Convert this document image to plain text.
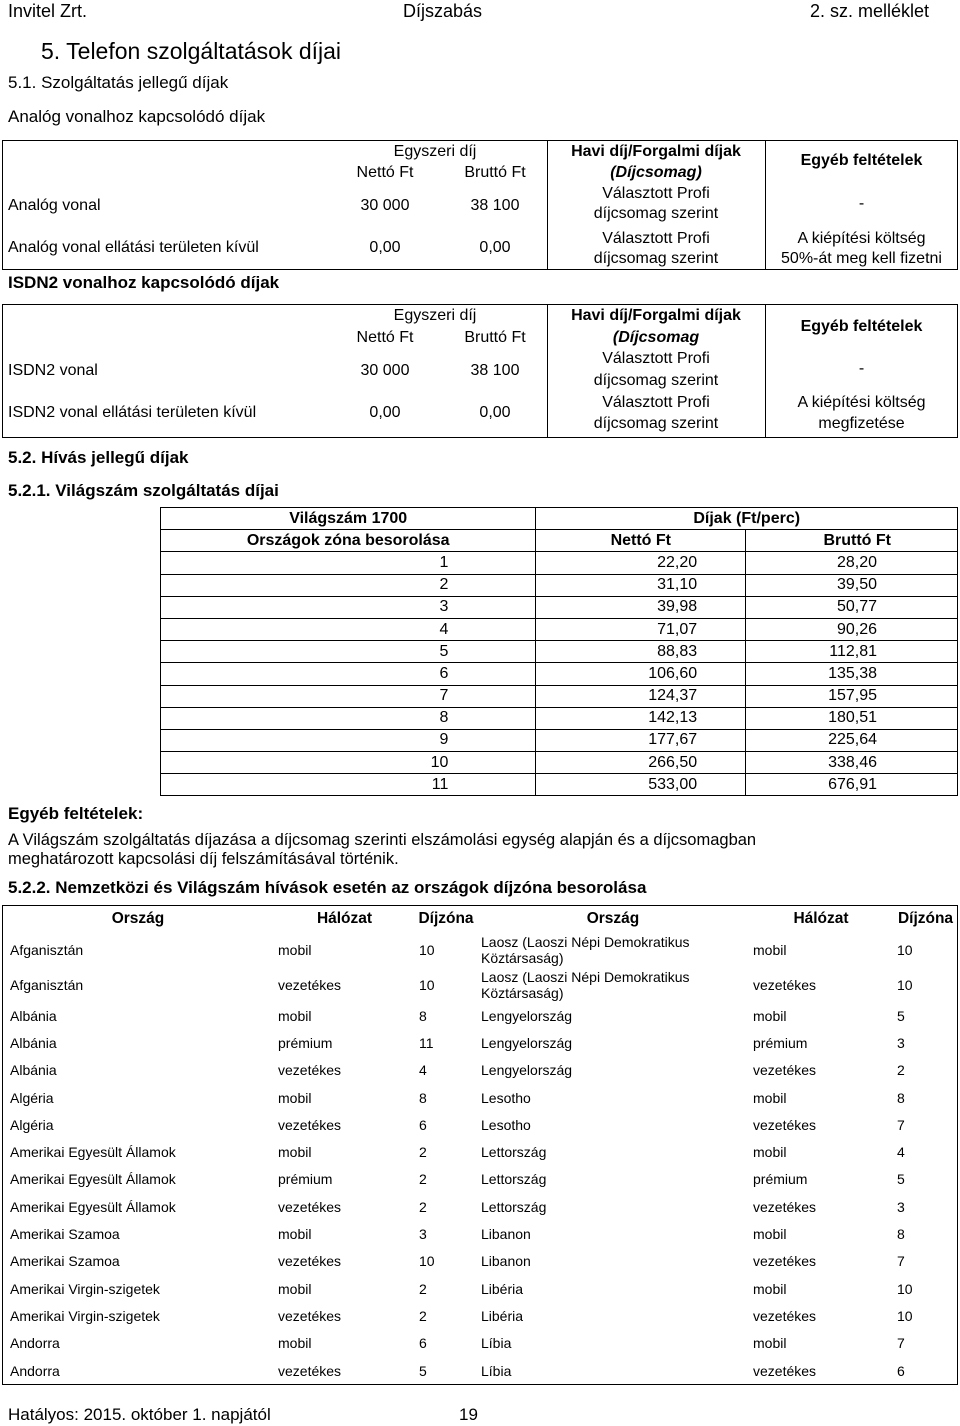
Invitel Zrt.	Díjszabás	2. sz. melléklet
5. Telefon szolgáltatások díjai
5.1. Szolgáltatás jellegű díjak
Analóg vonalhoz kapcsolódó díjak
Egyszeri díj
Nettó Ft	Bruttó Ft
Havi díj/Forgalmi díjak
(Díjcsomag)
Egyéb feltételek
Analóg vonal	30 000	38 100
Választott Profi
díjcsomag szerint
-
Analóg vonal ellátási területen kívül	0,00	0,00
Választott Profi
díjcsomag szerint
A kiépítési költség
50%-át meg kell fizetni
ISDN2 vonalhoz kapcsolódó díjak
Egyszeri díj
Nettó Ft	Bruttó Ft
Havi díj/Forgalmi díjak
(Díjcsomag
Egyéb feltételek
ISDN2 vonal	30 000	38 100
Választott Profi
díjcsomag szerint
-
ISDN2 vonal ellátási területen kívül	0,00	0,00
Választott Profi
díjcsomag szerint
A kiépítési költség
megfizetése
5.2. Hívás jellegű díjak
5.2.1. Világszám szolgáltatás díjai
Világszám 1700	Díjak (Ft/perc)	
Országok zóna besorolása	Nettó Ft	Bruttó Ft
1	22,20	28,20
2	31,10	39,50
3	39,98	50,77
4	71,07	90,26
5	88,83	112,81
6	106,60	135,38
7	124,37	157,95
8	142,13	180,51
9	177,67	225,64
10	266,50	338,46
11	533,00	676,91
Egyéb feltételek:
A Világszám szolgáltatás díjazása a díjcsomag szerinti elszámolási egység alapján és a díjcsomagban
meghatározott kapcsolási díj felszámításával történik.
5.2.2. Nemzetközi és Világszám hívások esetén az országok díjzóna besorolása
Ország	Hálózat	Díjzóna	Ország	Hálózat	Díjzóna
Afganisztán	mobil	10	Laosz (Laoszi Népi Demokratikus Köztársaság)	mobil	10
Afganisztán	vezetékes	10	Laosz (Laoszi Népi Demokratikus Köztársaság)	vezetékes	10
Albánia	mobil	8	Lengyelország	mobil	5
Albánia	prémium	11	Lengyelország	prémium	3
Albánia	vezetékes	4	Lengyelország	vezetékes	2
Algéria	mobil	8	Lesotho	mobil	8
Algéria	vezetékes	6	Lesotho	vezetékes	7
Amerikai Egyesült Államok	mobil	2	Lettország	mobil	4
Amerikai Egyesült Államok	prémium	2	Lettország	prémium	5
Amerikai Egyesült Államok	vezetékes	2	Lettország	vezetékes	3
Amerikai Szamoa	mobil	3	Libanon	mobil	8
Amerikai Szamoa	vezetékes	10	Libanon	vezetékes	7
Amerikai Virgin-szigetek	mobil	2	Libéria	mobil	10
Amerikai Virgin-szigetek	vezetékes	2	Libéria	vezetékes	10
Andorra	mobil	6	Líbia	mobil	7
Andorra	vezetékes	5	Líbia	vezetékes	6
Hatályos: 2015. október 1. napjától	19
